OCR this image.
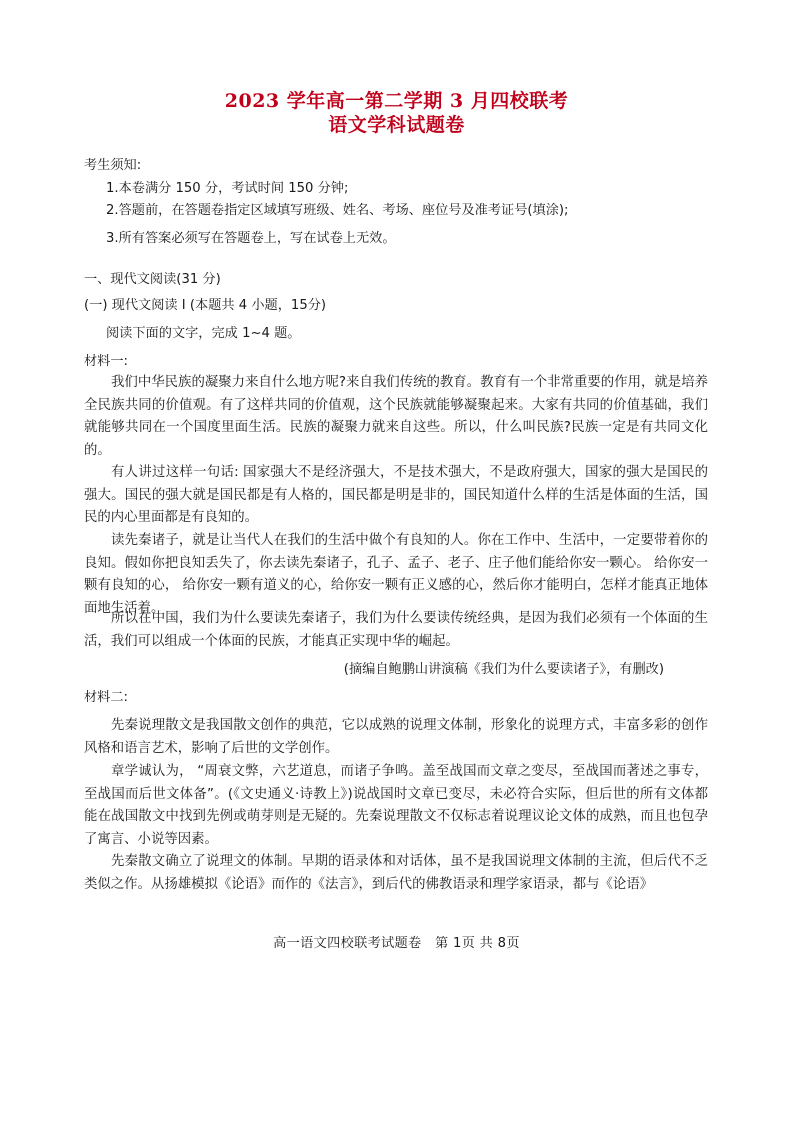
2023 学年高一第二学期 3 月四校联考
语文学科试题卷
考生须知:
1.本卷满分 150 分，考试时间 150 分钟;
2.答题前，在答题卷指定区域填写班级、姓名、考场、座位号及准考证号(填涂);
3.所有答案必须写在答题卷上，写在试卷上无效。
一、现代文阅读(31 分)
(一) 现代文阅读 I (本题共 4 小题，15分)
阅读下面的文字，完成 1~4 题。
材料一:

我们中华民族的凝聚力来自什么地方呢?来自我们传统的教育。教育有一个非常重要的作用，就是培养全民族共同的价值观。有了这样共同的价值观，这个民族就能够凝聚起来。大家有共同的价值基础，我们就能够共同在一个国度里面生活。民族的凝聚力就来自这些。所以，什么叫民族?民族一定是有共同文化的。

有人讲过这样一句话: 国家强大不是经济强大，不是技术强大，不是政府强大，国家的强大是国民的强大。国民的强大就是国民都是有人格的，国民都是明是非的，国民知道什么样的生活是体面的生活，国民的内心里面都是有良知的。

读先秦诸子，就是让当代人在我们的生活中做个有良知的人。你在工作中、生活中，一定要带着你的良知。假如你把良知丢失了，你去读先秦诸子，孔子、孟子、老子、庄子他们能给你安一颗心。 给你安一颗有良知的心， 给你安一颗有道义的心，给你安一颗有正义感的心，然后你才能明白，怎样才能真正地体面地生活着。

所以在中国，我们为什么要读先秦诸子，我们为什么要读传统经典，是因为我们必须有一个体面的生活，我们可以组成一个体面的民族，才能真正实现中华的崛起。

(摘编自鲍鹏山讲演稿《我们为什么要读诸子》，有删改)
材料二:

先秦说理散文是我国散文创作的典范，它以成熟的说理文体制，形象化的说理方式，丰富多彩的创作风格和语言艺术，影响了后世的文学创作。

章学诚认为， “周衰文弊，六艺道息，而诸子争鸣。盖至战国而文章之变尽，至战国而著述之事专，至战国而后世文体备”。(《文史通义·诗教上》)说战国时文章已变尽，未必符合实际，但后世的所有文体都能在战国散文中找到先例或萌芽则是无疑的。先秦说理散文不仅标志着说理议论文体的成熟，而且也包孕了寓言、小说等因素。

先秦散文确立了说理文的体制。早期的语录体和对话体，虽不是我国说理文体制的主流，但后代不乏类似之作。从扬雄模拟《论语》而作的《法言》，到后代的佛教语录和理学家语录，都与《论语》

高一语文四校联考试题卷　第 1页 共 8页
